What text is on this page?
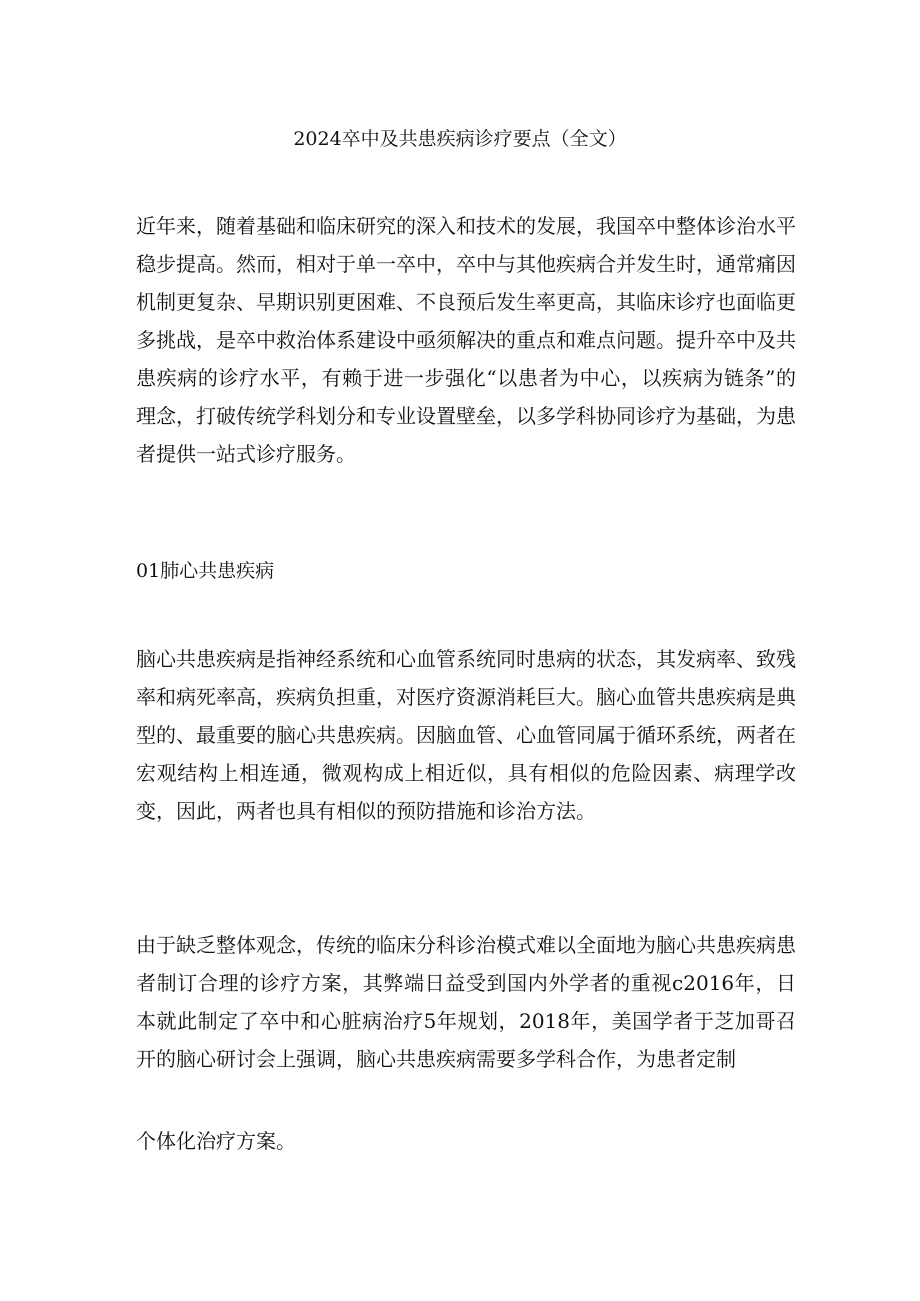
2024卒中及共患疾病诊疗要点（全文）
近年来，随着基础和临床研究的深入和技术的发展，我国卒中整体诊治水平稳步提高。然而，相对于单一卒中，卒中与其他疾病合并发生时，通常痛因机制更复杂、早期识别更困难、不良预后发生率更高，其临床诊疗也面临更多挑战，是卒中救治体系建设中亟须解决的重点和难点问题。提升卒中及共患疾病的诊疗水平，有赖于进一步强化“以患者为中心，以疾病为链条”的理念，打破传统学科划分和专业设置壁垒，以多学科协同诊疗为基础，为患者提供一站式诊疗服务。
01肺心共患疾病
脑心共患疾病是指神经系统和心血管系统同时患病的状态，其发病率、致残率和病死率高，疾病负担重，对医疗资源消耗巨大。脑心血管共患疾病是典型的、最重要的脑心共患疾病。因脑血管、心血管同属于循环系统，两者在宏观结构上相连通，微观构成上相近似，具有相似的危险因素、病理学改变，因此，两者也具有相似的预防措施和诊治方法。
由于缺乏整体观念，传统的临床分科诊治模式难以全面地为脑心共患疾病患者制订合理的诊疗方案，其弊端日益受到国内外学者的重视c2016年，日本就此制定了卒中和心脏病治疗5年规划，2018年，美国学者于芝加哥召开的脑心研讨会上强调，脑心共患疾病需要多学科合作，为患者定制
个体化治疗方案。
